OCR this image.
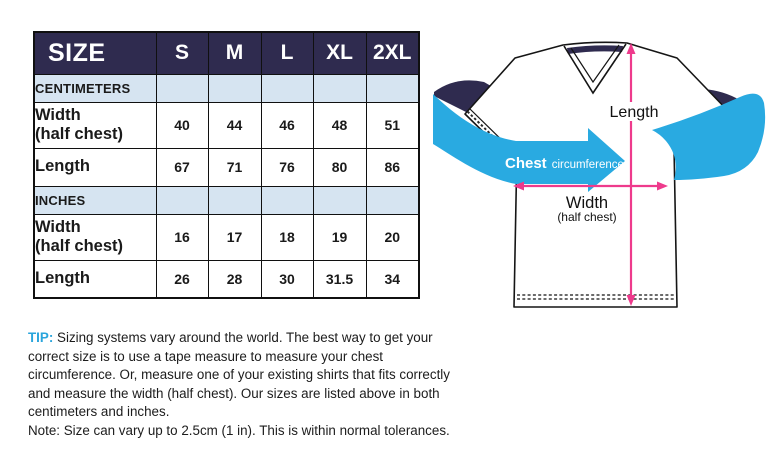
SIZE	S	M	L	XL	2XL
CENTIMETERS					

Width
(half chest)	40	44	46	48	51
Length	67	71	76	80	86
INCHES					

Width
(half chest)	16	17	18	19	20
Length	26	28	30	31.5	34
Chest circumference
Length
Width
(half chest)
TIP: Sizing systems vary around the world. The best way to get your correct size is to use a tape measure to measure your chest circumference. Or, measure one of your existing shirts that fits correctly and measure the width (half chest). Our sizes are listed above in both centimeters and inches.
Note: Size can vary up to 2.5cm (1 in). This is within normal tolerances.
